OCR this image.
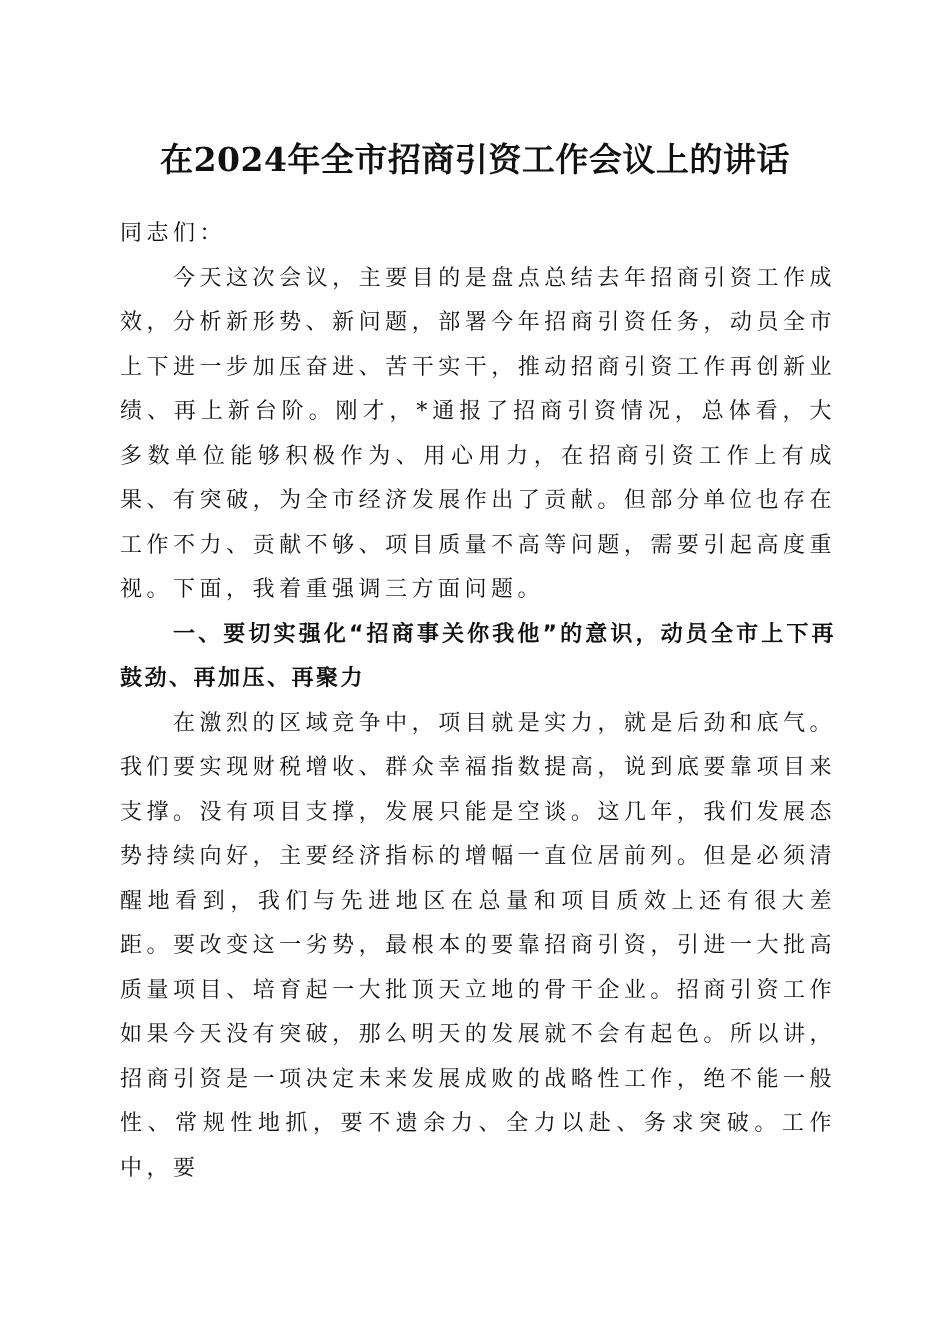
在2024年全市招商引资工作会议上的讲话

同志们：

今天这次会议，主要目的是盘点总结去年招商引资工作成效，分析新形势、新问题，部署今年招商引资任务，动员全市上下进一步加压奋进、苦干实干，推动招商引资工作再创新业绩、再上新台阶。刚才，*通报了招商引资情况，总体看，大多数单位能够积极作为、用心用力，在招商引资工作上有成果、有突破，为全市经济发展作出了贡献。但部分单位也存在工作不力、贡献不够、项目质量不高等问题，需要引起高度重视。下面，我着重强调三方面问题。

一、要切实强化“招商事关你我他”的意识，动员全市上下再鼓劲、再加压、再聚力

在激烈的区域竞争中，项目就是实力，就是后劲和底气。我们要实现财税增收、群众幸福指数提高，说到底要靠项目来支撑。没有项目支撑，发展只能是空谈。这几年，我们发展态势持续向好，主要经济指标的增幅一直位居前列。但是必须清醒地看到，我们与先进地区在总量和项目质效上还有很大差距。要改变这一劣势，最根本的要靠招商引资，引进一大批高质量项目、培育起一大批顶天立地的骨干企业。招商引资工作如果今天没有突破，那么明天的发展就不会有起色。所以讲，招商引资是一项决定未来发展成败的战略性工作，绝不能一般性、常规性地抓，要不遗余力、全力以赴、务求突破。工作中，要
